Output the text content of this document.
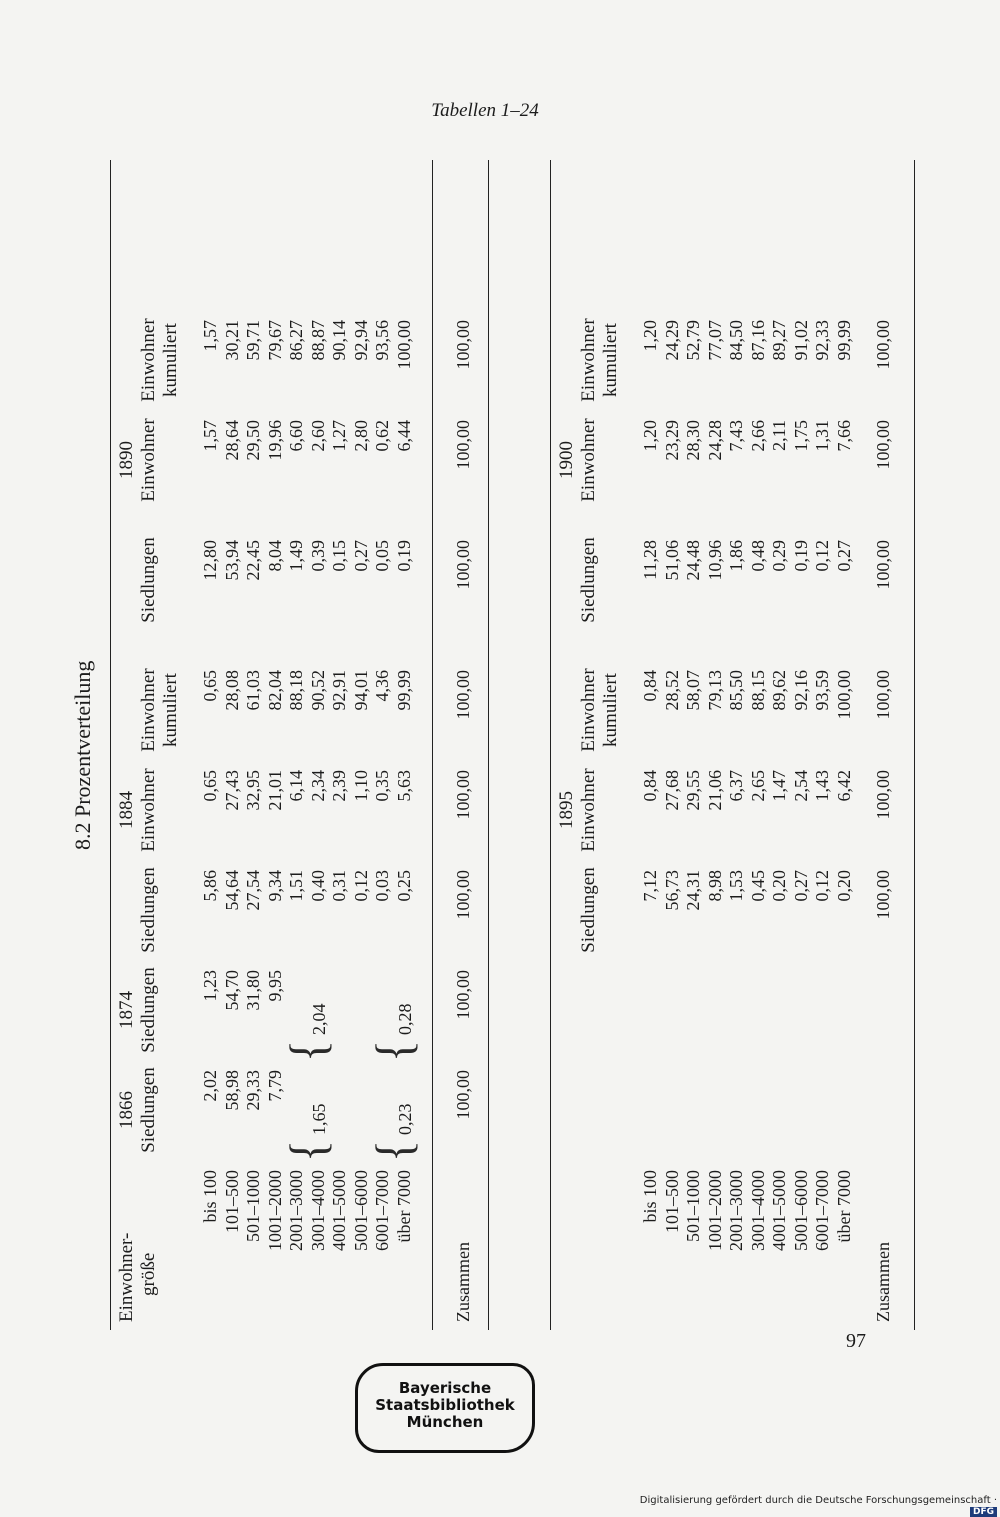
Tabellen 1–24
8.2 Prozentverteilung
Einwohner- größe
1866 Siedlungen
1874 Siedlungen
1884
Siedlungen
Einwohner
Einwohner kumuliert
1890
Siedlungen
Einwohner
Einwohner kumuliert
bis 100 101–500 501–1000 1001–2000 2001–3000 3001–4000 4001–5000 5001–6000 6001–7000 über 7000
2,02 58,98 29,33 7,79
{
1,65
{
0,23
1,23 54,70 31,80 9,95
{
2,04
{
0,28
5,86 54,64 27,54 9,34 1,51 0,40 0,31 0,12 0,03 0,25
0,65 27,43 32,95 21,01 6,14 2,34 2,39 1,10 0,35 5,63
0,65 28,08 61,03 82,04 88,18 90,52 92,91 94,01 4,36 99,99
12,80 53,94 22,45 8,04 1,49 0,39 0,15 0,27 0,05 0,19
1,57 28,64 29,50 19,96 6,60 2,60 1,27 2,80 0,62 6,44
1,57 30,21 59,71 79,67 86,27 88,87 90,14 92,94 93,56 100,00
Zusammen
100,00
100,00
100,00
100,00
100,00
100,00
100,00
100,00
1895
Siedlungen
Einwohner
Einwohner kumuliert
1900
Siedlungen
Einwohner
Einwohner kumuliert
bis 100 101–500 501–1000 1001–2000 2001–3000 3001–4000 4001–5000 5001–6000 6001–7000 über 7000
7,12 56,73 24,31 8,98 1,53 0,45 0,20 0,27 0,12 0,20
0,84 27,68 29,55 21,06 6,37 2,65 1,47 2,54 1,43 6,42
0,84 28,52 58,07 79,13 85,50 88,15 89,62 92,16 93,59 100,00
11,28 51,06 24,48 10,96 1,86 0,48 0,29 0,19 0,12 0,27
1,20 23,29 28,30 24,28 7,43 2,66 2,11 1,75 1,31 7,66
1,20 24,29 52,79 77,07 84,50 87,16 89,27 91,02 92,33 99,99
Zusammen
100,00
100,00
100,00
100,00
100,00
100,00
97
Bayerische
Staatsbibliothek
München
Digitalisierung gefördert durch die Deutsche Forschungsgemeinschaft · DFG
